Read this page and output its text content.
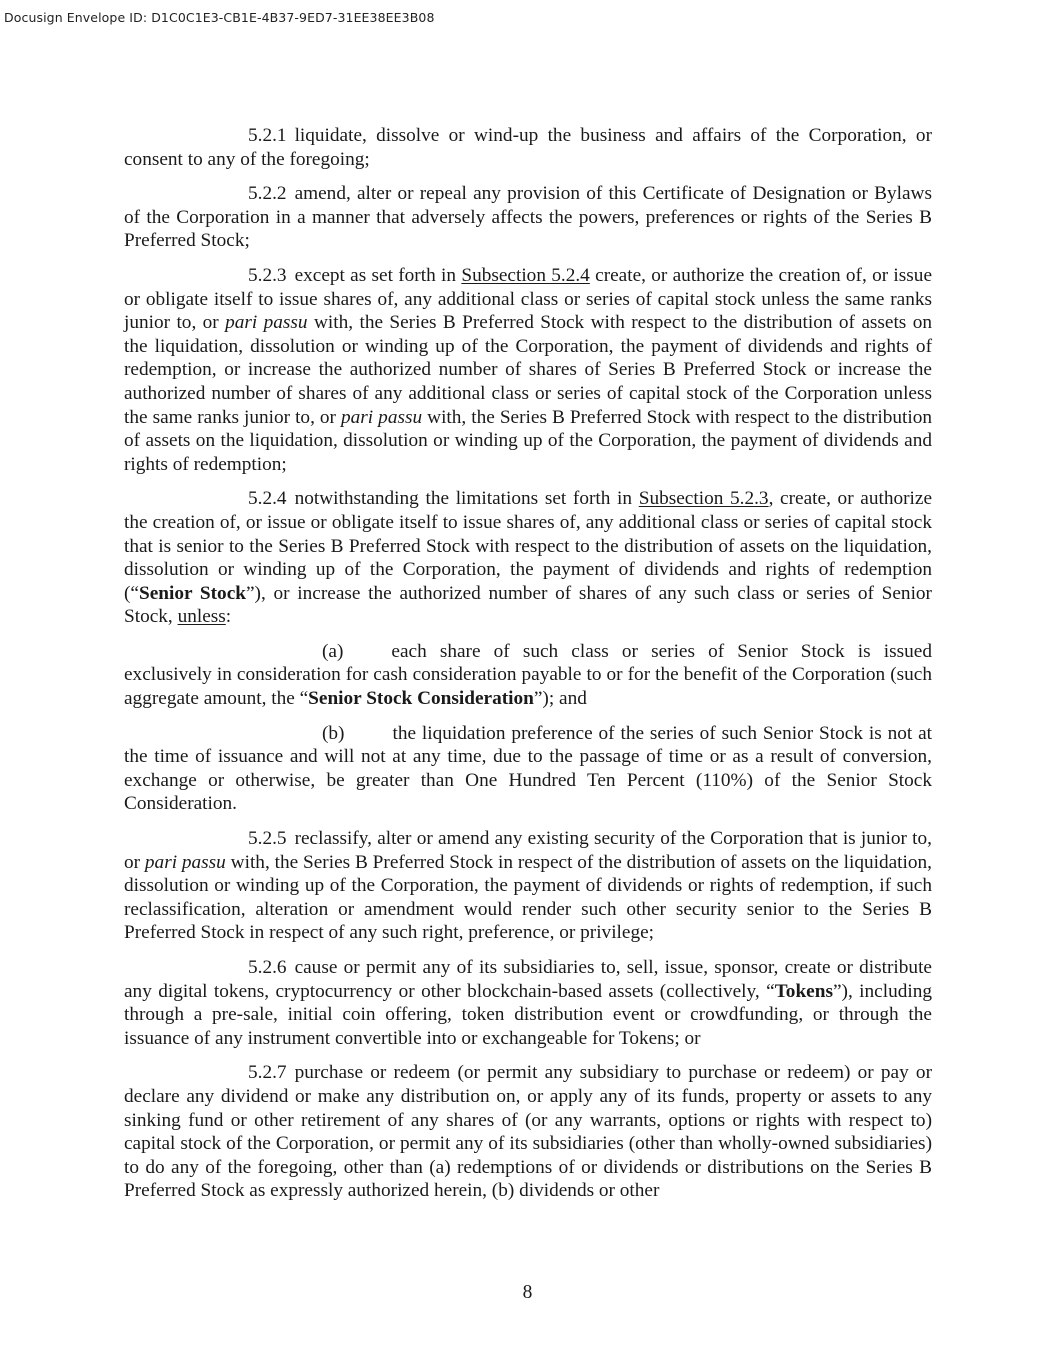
Docusign Envelope ID: D1C0C1E3-CB1E-4B37-9ED7-31EE38EE3B08

5.2.1 liquidate, dissolve or wind-up the business and affairs of the Corporation, or consent to any of the foregoing;

5.2.2 amend, alter or repeal any provision of this Certificate of Designation or Bylaws of the Corporation in a manner that adversely affects the powers, preferences or rights of the Series B Preferred Stock;

5.2.3 except as set forth in Subsection 5.2.4 create, or authorize the creation of, or issue or obligate itself to issue shares of, any additional class or series of capital stock unless the same ranks junior to, or pari passu with, the Series B Preferred Stock with respect to the distribution of assets on the liquidation, dissolution or winding up of the Corporation, the payment of dividends and rights of redemption, or increase the authorized number of shares of Series B Preferred Stock or increase the authorized number of shares of any additional class or series of capital stock of the Corporation unless the same ranks junior to, or pari passu with, the Series B Preferred Stock with respect to the distribution of assets on the liquidation, dissolution or winding up of the Corporation, the payment of dividends and rights of redemption;

5.2.4 notwithstanding the limitations set forth in Subsection 5.2.3, create, or authorize the creation of, or issue or obligate itself to issue shares of, any additional class or series of capital stock that is senior to the Series B Preferred Stock with respect to the distribution of assets on the liquidation, dissolution or winding up of the Corporation, the payment of dividends and rights of redemption (“Senior Stock”), or increase the authorized number of shares of any such class or series of Senior Stock, unless:

(a) each share of such class or series of Senior Stock is issued exclusively in consideration for cash consideration payable to or for the benefit of the Corporation (such aggregate amount, the “Senior Stock Consideration”); and

(b) the liquidation preference of the series of such Senior Stock is not at the time of issuance and will not at any time, due to the passage of time or as a result of conversion, exchange or otherwise, be greater than One Hundred Ten Percent (110%) of the Senior Stock Consideration.

5.2.5 reclassify, alter or amend any existing security of the Corporation that is junior to, or pari passu with, the Series B Preferred Stock in respect of the distribution of assets on the liquidation, dissolution or winding up of the Corporation, the payment of dividends or rights of redemption, if such reclassification, alteration or amendment would render such other security senior to the Series B Preferred Stock in respect of any such right, preference, or privilege;

5.2.6 cause or permit any of its subsidiaries to, sell, issue, sponsor, create or distribute any digital tokens, cryptocurrency or other blockchain-based assets (collectively, “Tokens”), including through a pre-sale, initial coin offering, token distribution event or crowdfunding, or through the issuance of any instrument convertible into or exchangeable for Tokens; or

5.2.7 purchase or redeem (or permit any subsidiary to purchase or redeem) or pay or declare any dividend or make any distribution on, or apply any of its funds, property or assets to any sinking fund or other retirement of any shares of (or any warrants, options or rights with respect to) capital stock of the Corporation, or permit any of its subsidiaries (other than wholly-owned subsidiaries) to do any of the foregoing, other than (a) redemptions of or dividends or distributions on the Series B Preferred Stock as expressly authorized herein, (b) dividends or other

8
